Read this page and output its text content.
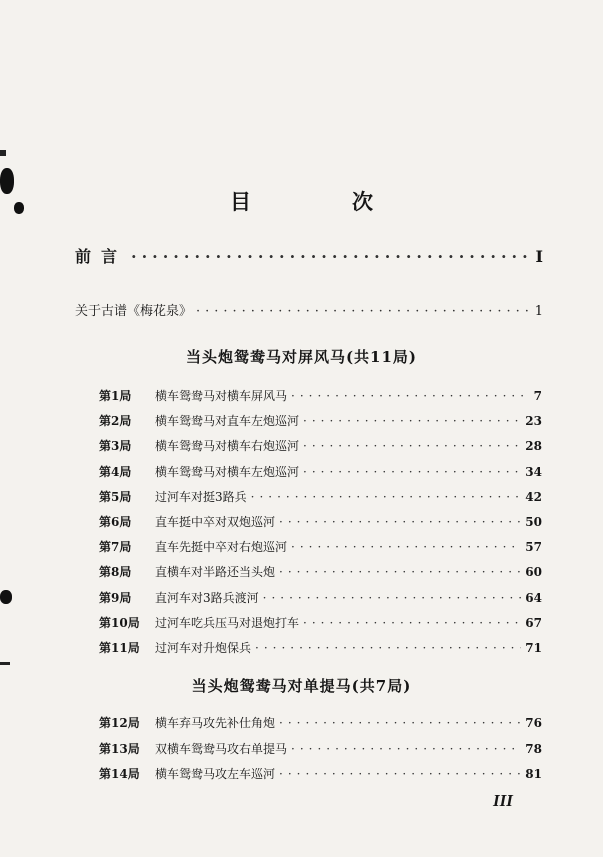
目　次
前言 ·····	I
关于古谱《梅花泉》 ·····	1
当头炮鸳鸯马对屏风马(共11局)
第1局	横车鸳鸯马对横车屏风马 ·····	7
第2局	横车鸳鸯马对直车左炮巡河 ·····	23
第3局	横车鸳鸯马对横车右炮巡河 ·····	28
第4局	横车鸳鸯马对横车左炮巡河 ·····	34
第5局	过河车对挺3路兵 ·····	42
第6局	直车挺中卒对双炮巡河 ·····	50
第7局	直车先挺中卒对右炮巡河 ·····	57
第8局	直横车对半路还当头炮 ·····	60
第9局	直河车对3路兵渡河 ·····	64
第10局	过河车吃兵压马对退炮打车 ·····	67
第11局	过河车对升炮保兵 ·····	71
当头炮鸳鸯马对单提马(共7局)
第12局	横车弃马攻先补仕角炮 ·····	76
第13局	双横车鸳鸯马攻右单提马 ·····	78
第14局	横车鸳鸯马攻左车巡河 ·····	81
III
